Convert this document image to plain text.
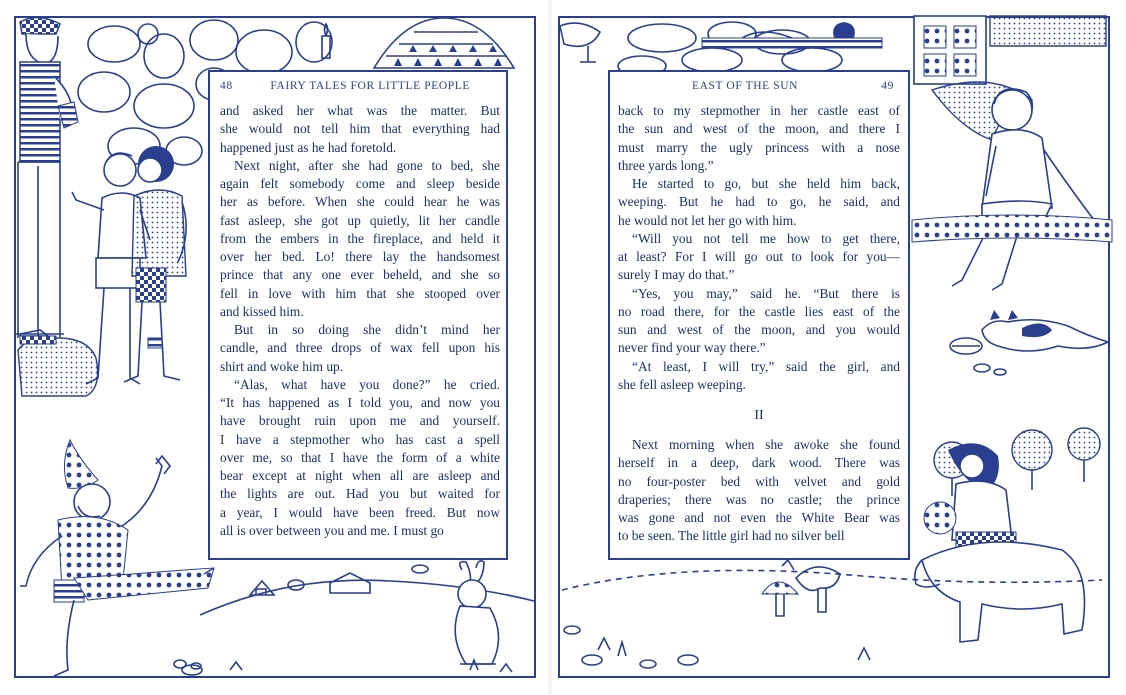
48	FAIRY TALES FOR LITTLE PEOPLE

and asked her what was the matter. But
she would not tell him that everything had
happened just as he had foretold.

Next night, after she had gone to bed, she
again felt somebody come and sleep beside
her as before. When she could hear he was
fast asleep, she got up quietly, lit her candle
from the embers in the fireplace, and held it
over her bed. Lo! there lay the handsomest
prince that any one ever beheld, and she so
fell in love with him that she stooped over
and kissed him.

But in so doing she didn’t mind her
candle, and three drops of wax fell upon his
shirt and woke him up.

“Alas, what have you done?” he cried.
“It has happened as I told you, and now you
have brought ruin upon me and yourself.
I have a stepmother who has cast a spell
over me, so that I have the form of a white
bear except at night when all are asleep and
the lights are out. Had you but waited for
a year, I would have been freed. But now
all is over between you and me. I must go

EAST OF THE SUN	49

back to my stepmother in her castle east of
the sun and west of the moon, and there I
must marry the ugly princess with a nose
three yards long.”

He started to go, but she held him back,
weeping. But he had to go, he said, and
he would not let her go with him.

“Will you not tell me how to get there,
at least? For I will go out to look for you—
surely I may do that.”

“Yes, you may,” said he. “But there is
no road there, for the castle lies east of the
sun and west of the moon, and you would
never find your way there.”

“At least, I will try,” said the girl, and
she fell asleep weeping.

II

Next morning when she awoke she found
herself in a deep, dark wood. There was
no four-poster bed with velvet and gold
draperies; there was no castle; the prince
was gone and not even the White Bear was
to be seen. The little girl had no silver bell
